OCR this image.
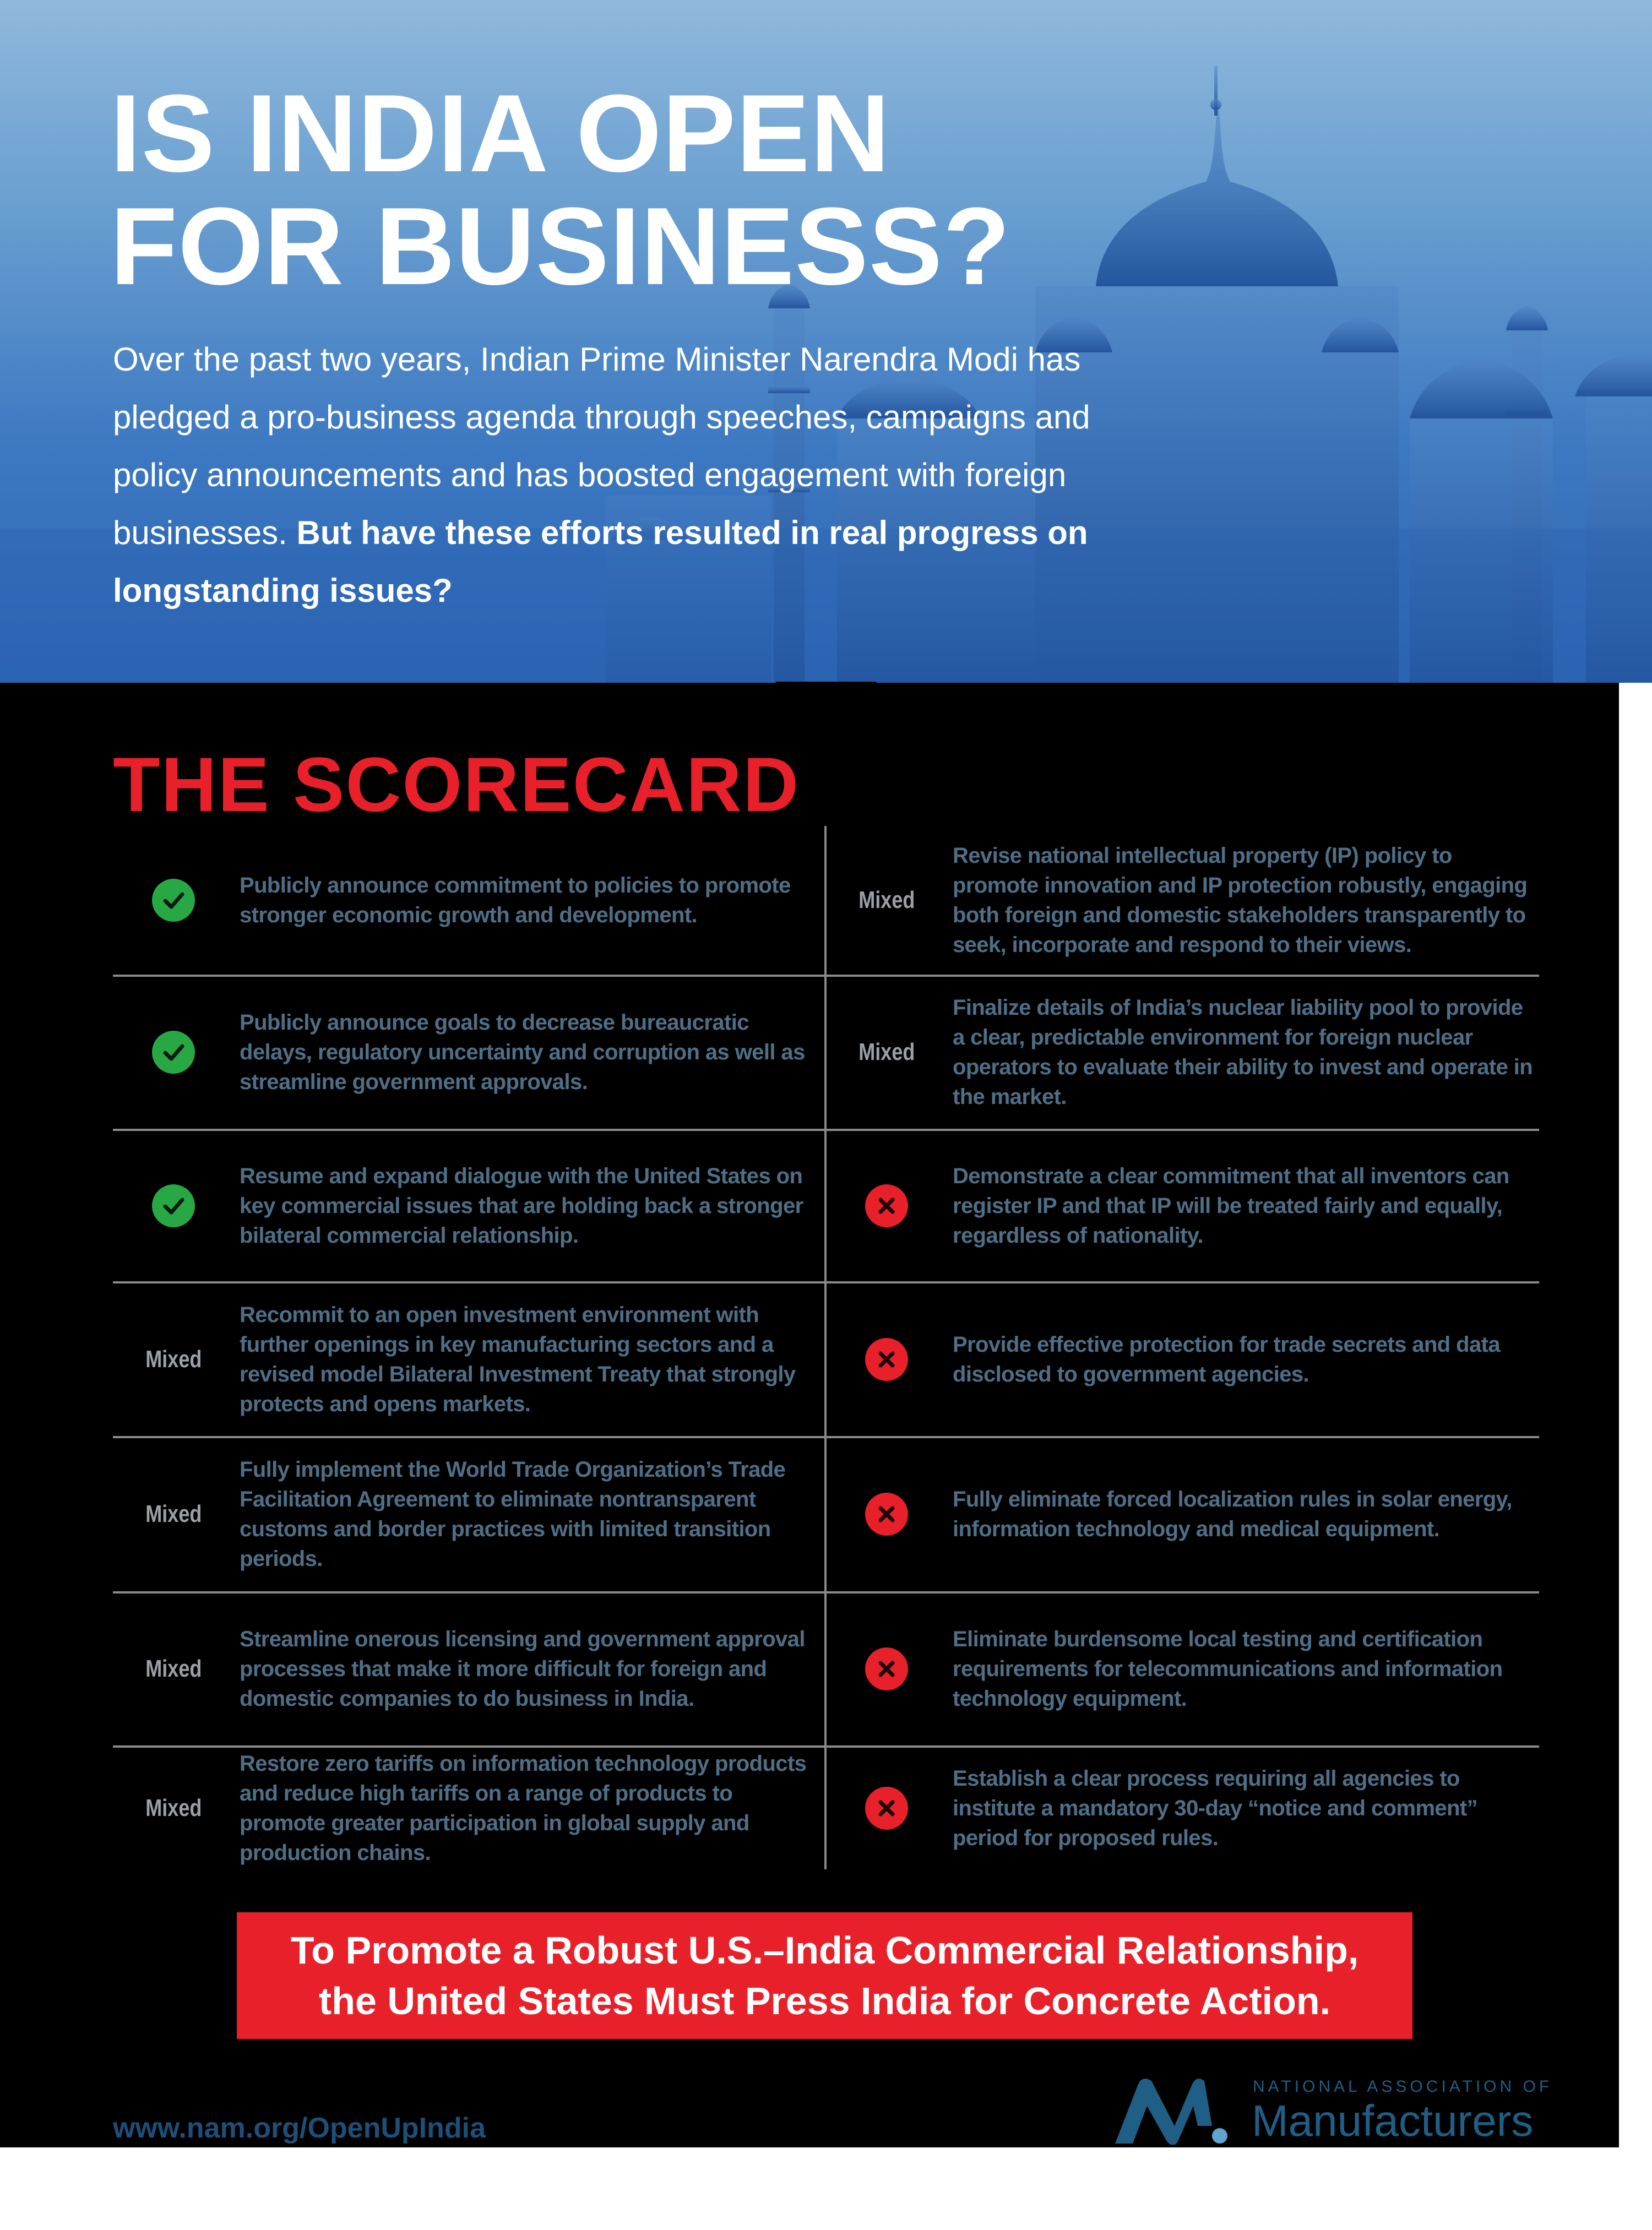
IS INDIA OPEN
FOR BUSINESS?

Over the past two years, Indian Prime Minister Narendra Modi has pledged a pro-business agenda through speeches, campaigns and policy announcements and has boosted engagement with foreign businesses. But have these efforts resulted in real progress on longstanding issues?

THE SCORECARD
Publicly announce commitment to policies to promote stronger economic growth and development.
Publicly announce goals to decrease bureaucratic delays, regulatory uncertainty and corruption as well as streamline government approvals.
Resume and expand dialogue with the United States on key commercial issues that are holding back a stronger bilateral commercial relationship.
Mixed
Recommit to an open investment environment with further openings in key manufacturing sectors and a revised model Bilateral Investment Treaty that strongly protects and opens markets.
Mixed
Fully implement the World Trade Organization’s Trade Facilitation Agreement to eliminate nontransparent customs and border practices with limited transition periods.
Mixed
Streamline onerous licensing and government approval processes that make it more difficult for foreign and domestic companies to do business in India.
Mixed
Restore zero tariffs on information technology products and reduce high tariffs on a range of products to promote greater participation in global supply and production chains.
Mixed
Revise national intellectual property (IP) policy to promote innovation and IP protection robustly, engaging both foreign and domestic stakeholders transparently to seek, incorporate and respond to their views.
Mixed
Finalize details of India’s nuclear liability pool to provide a clear, predictable environment for foreign nuclear operators to evaluate their ability to invest and operate in the market.
Demonstrate a clear commitment that all inventors can register IP and that IP will be treated fairly and equally, regardless of nationality.
Provide effective protection for trade secrets and data disclosed to government agencies.
Fully eliminate forced localization rules in solar energy, information technology and medical equipment.
Eliminate burdensome local testing and certification requirements for telecommunications and information technology equipment.
Establish a clear process requiring all agencies to institute a mandatory 30-day “notice and comment” period for proposed rules.
To Promote a Robust U.S.–India Commercial Relationship,
the United States Must Press India for Concrete Action.
www.nam.org/OpenUpIndia
NATIONAL ASSOCIATION OF
Manufacturers
